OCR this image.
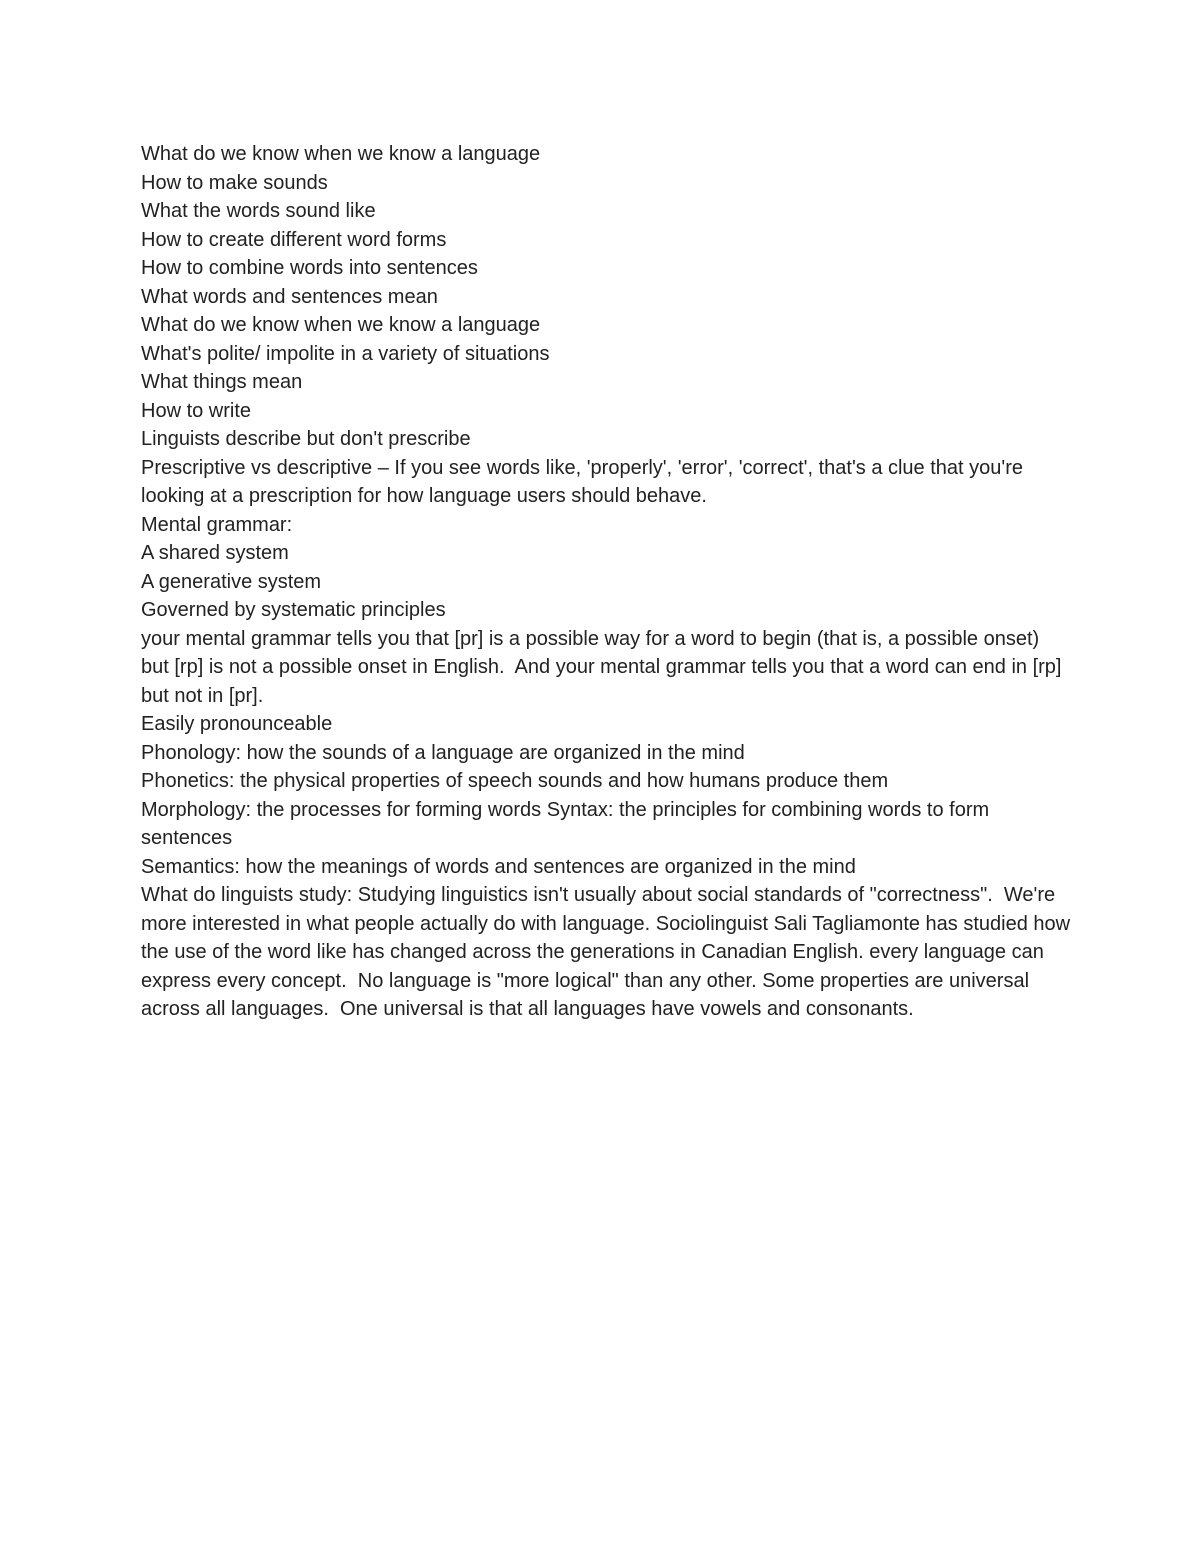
What do we know when we know a language

How to make sounds

What the words sound like

How to create different word forms

How to combine words into sentences

What words and sentences mean

What do we know when we know a language

What's polite/ impolite in a variety of situations

What things mean

How to write

Linguists describe but don't prescribe

Prescriptive vs descriptive – If you see words like, 'properly', 'error', 'correct', that's a clue that you're looking at a prescription for how language users should behave.

Mental grammar:

A shared system

A generative system

Governed by systematic principles

your mental grammar tells you that [pr] is a possible way for a word to begin (that is, a possible onset) but [rp] is not a possible onset in English.  And your mental grammar tells you that a word can end in [rp] but not in [pr].

Easily pronounceable

Phonology: how the sounds of a language are organized in the mind

Phonetics: the physical properties of speech sounds and how humans produce them

Morphology: the processes for forming words Syntax: the principles for combining words to form sentences

Semantics: how the meanings of words and sentences are organized in the mind

What do linguists study: Studying linguistics isn't usually about social standards of "correctness".  We're more interested in what people actually do with language. Sociolinguist Sali Tagliamonte has studied how the use of the word like has changed across the generations in Canadian English. every language can express every concept.  No language is "more logical" than any other. Some properties are universal across all languages.  One universal is that all languages have vowels and consonants.
